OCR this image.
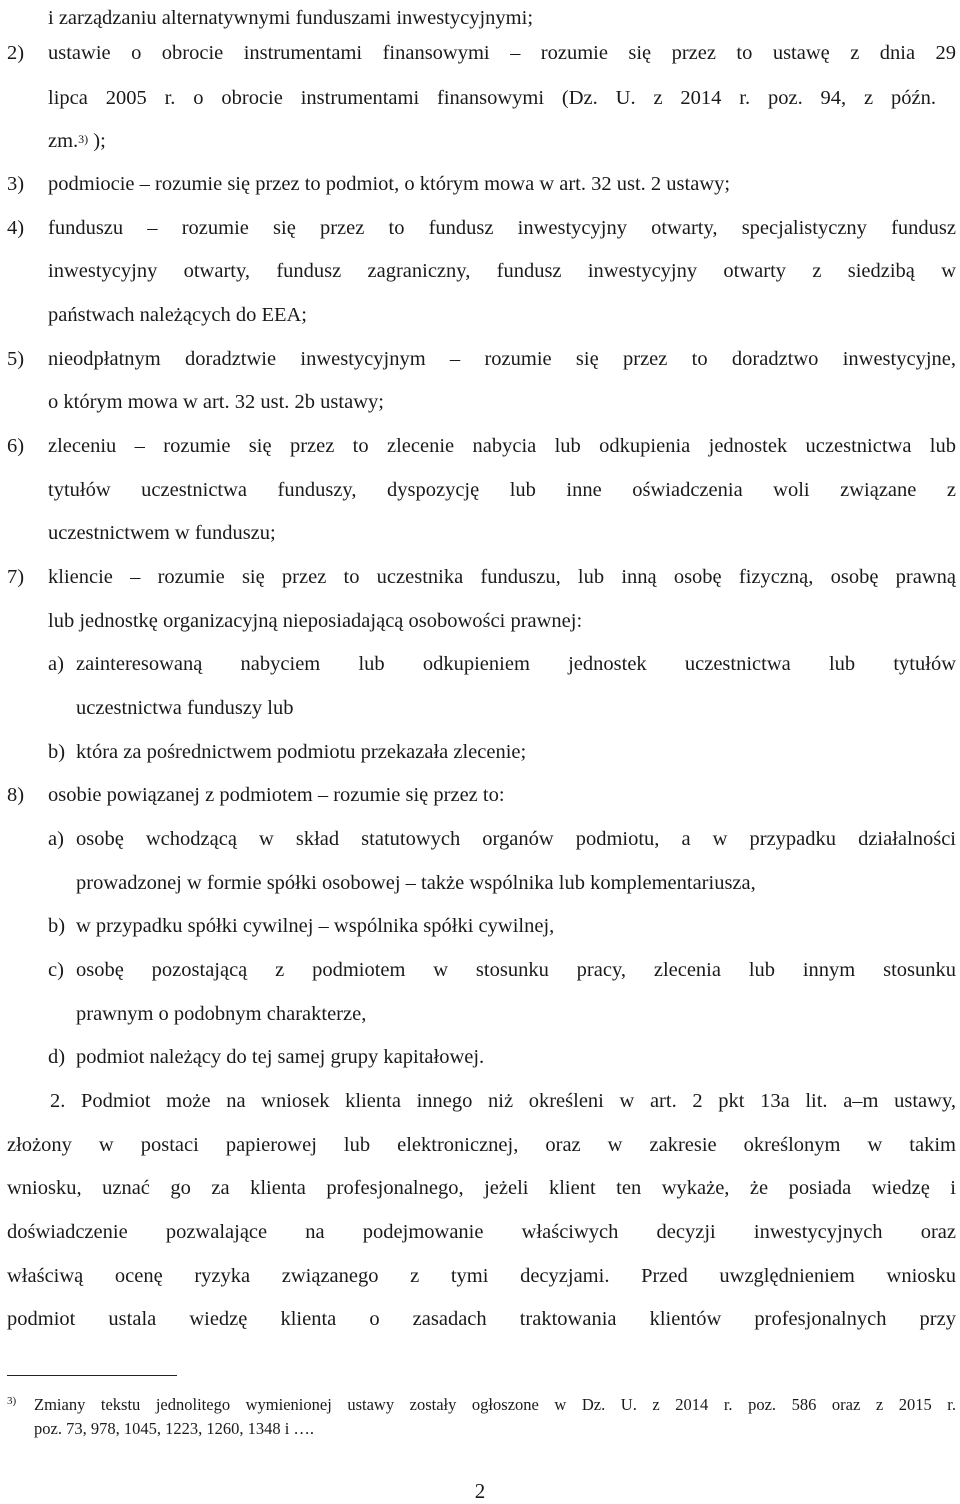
i zarządzaniu alternatywnymi funduszami inwestycyjnymi;
2) ustawie o obrocie instrumentami finansowymi – rozumie się przez to ustawę z dnia 29
lipca 2005 r. o obrocie instrumentami finansowymi (Dz. U. z 2014 r. poz. 94, z późn.
zm.$^{3)}$ );
3) podmiocie – rozumie się przez to podmiot, o którym mowa w art. 32 ust. 2 ustawy;
4) funduszu – rozumie się przez to fundusz inwestycyjny otwarty, specjalistyczny fundusz
inwestycyjny otwarty, fundusz zagraniczny, fundusz inwestycyjny otwarty z siedzibą w
państwach należących do EEA;
5) nieodpłatnym doradztwie inwestycyjnym – rozumie się przez to doradztwo inwestycyjne,
o którym mowa w art. 32 ust. 2b ustawy;
6) zleceniu – rozumie się przez to zlecenie nabycia lub odkupienia jednostek uczestnictwa lub
tytułów uczestnictwa funduszy, dyspozycję lub inne oświadczenia woli związane z
uczestnictwem w funduszu;
7) kliencie – rozumie się przez to uczestnika funduszu, lub inną osobę fizyczną, osobę prawną
lub jednostkę organizacyjną nieposiadającą osobowości prawnej:
a) zainteresowaną nabyciem lub odkupieniem jednostek uczestnictwa lub tytułów
uczestnictwa funduszy lub
b) która za pośrednictwem podmiotu przekazała zlecenie;
8) osobie powiązanej z podmiotem – rozumie się przez to:
a) osobę wchodzącą w skład statutowych organów podmiotu, a w przypadku działalności
prowadzonej w formie spółki osobowej – także wspólnika lub komplementariusza,
b) w przypadku spółki cywilnej – wspólnika spółki cywilnej,
c) osobę pozostającą z podmiotem w stosunku pracy, zlecenia lub innym stosunku
prawnym o podobnym charakterze,
d) podmiot należący do tej samej grupy kapitałowej.
2. Podmiot może na wniosek klienta innego niż określeni w art. 2 pkt 13a lit. a–m ustawy,
złożony w postaci papierowej lub elektronicznej, oraz w zakresie określonym w takim
wniosku, uznać go za klienta profesjonalnego, jeżeli klient ten wykaże, że posiada wiedzę i
doświadczenie pozwalające na podejmowanie właściwych decyzji inwestycyjnych oraz
właściwą ocenę ryzyka związanego z tymi decyzjami. Przed uwzględnieniem wniosku
podmiot ustala wiedzę klienta o zasadach traktowania klientów profesjonalnych przy
3) Zmiany tekstu jednolitego wymienionej ustawy zostały ogłoszone w Dz. U. z 2014 r. poz. 586 oraz z 2015 r.
poz. 73, 978, 1045, 1223, 1260, 1348 i ….
2
